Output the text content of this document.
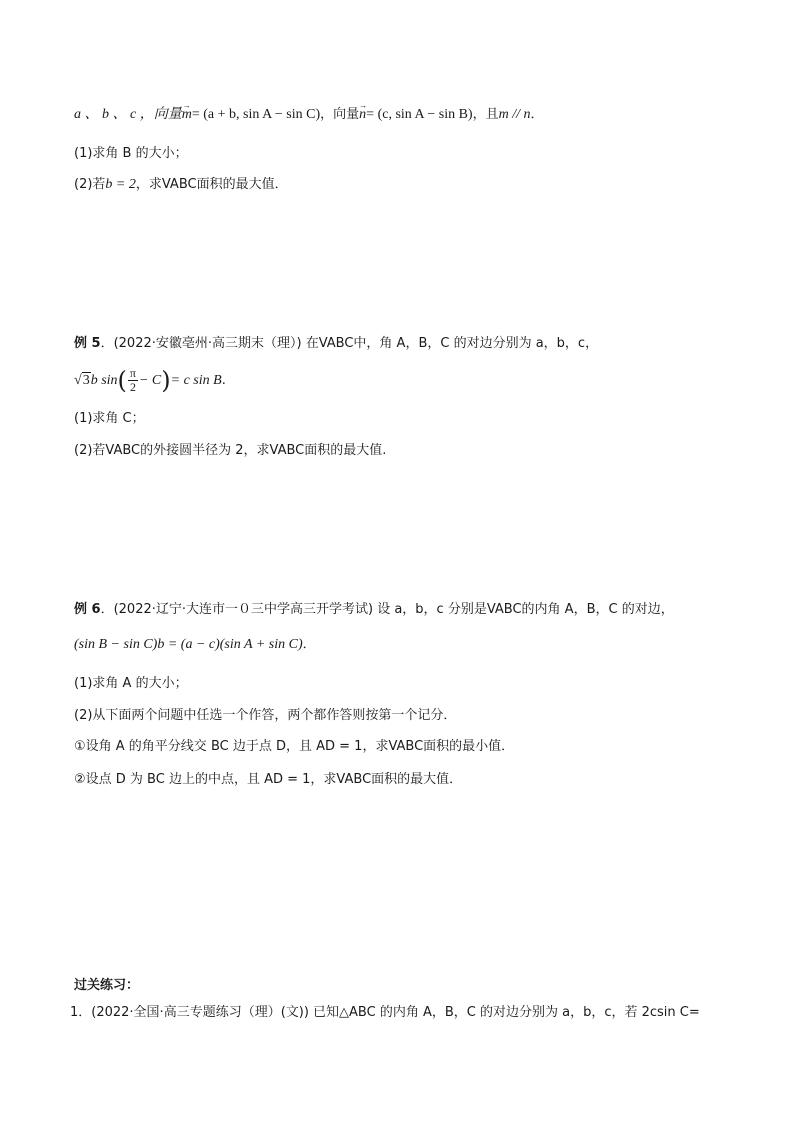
a 、 b 、 c ，向量→ m= (a + b, sin A − sin C)，向量→ n= (c, sin A − sin B)，且m // n．
(1)求角 B 的大小；
(2)若b = 2，求VABC面积的最大值．
例 5．(2022·安徽亳州·高三期末（理）) 在VABC中，角 A，B，C 的对边分别为 a，b，c，
√3b $\sin( \frac{\pi}{2} - C)= c$ sin B.
(1)求角 C；
(2)若VABC的外接圆半径为 2，求VABC面积的最大值.
例 6．(2022·辽宁·大连市一０三中学高三开学考试) 设 a，b，c 分别是VABC的内角 A，B，C 的对边，
(sin B − sin C)b = (a − c)(sin A + sin C)．
(1)求角 A 的大小；
(2)从下面两个问题中任选一个作答，两个都作答则按第一个记分．
①设角 A 的角平分线交 BC 边于点 D，且 AD = 1，求VABC面积的最小值．
②设点 D 为 BC 边上的中点，且 AD = 1，求VABC面积的最大值．
过关练习：
1．(2022·全国·高三专题练习（理）(文)) 已知△ABC 的内角 A，B，C 的对边分别为 a，b，c，若 2csin C=
